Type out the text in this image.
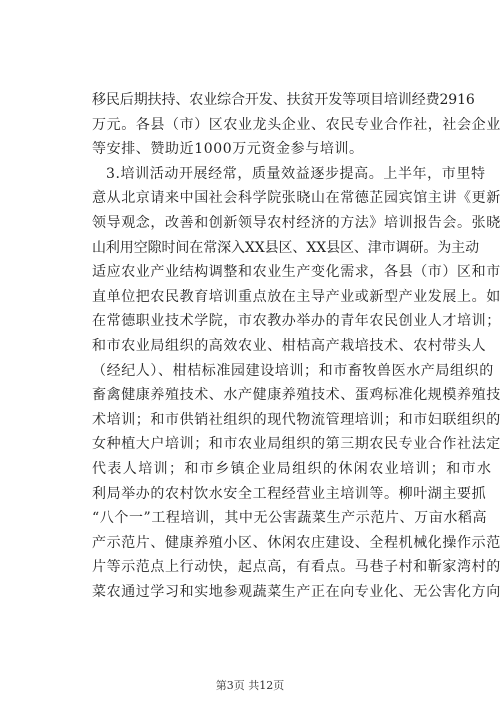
移民后期扶持、农业综合开发、扶贫开发等项目培训经费2916
万元。各县（市）区农业龙头企业、农民专业合作社，社会企业
等安排、赞助近1000万元资金参与培训。
3.培训活动开展经常，质量效益逐步提高。上半年，市里特
意从北京请来中国社会科学院张晓山在常德芷园宾馆主讲《更新
领导观念，改善和创新领导农村经济的方法》培训报告会。张晓
山利用空隙时间在常深入XX县区、XX县区、津市调研。为主动
适应农业产业结构调整和农业生产变化需求，各县（市）区和市
直单位把农民教育培训重点放在主导产业或新型产业发展上。如
在常德职业技术学院，市农教办举办的青年农民创业人才培训；
和市农业局组织的高效农业、柑桔高产栽培技术、农村带头人
（经纪人）、柑桔标准园建设培训；和市畜牧兽医水产局组织的
畜禽健康养殖技术、水产健康养殖技术、蛋鸡标准化规模养殖技
术培训；和市供销社组织的现代物流管理培训；和市妇联组织的
女种植大户培训；和市农业局组织的第三期农民专业合作社法定
代表人培训；和市乡镇企业局组织的休闲农业培训；和市水
利局举办的农村饮水安全工程经营业主培训等。柳叶湖主要抓
“八个一”工程培训，其中无公害蔬菜生产示范片、万亩水稻高
产示范片、健康养殖小区、休闲农庄建设、全程机械化操作示范
片等示范点上行动快，起点高，有看点。马巷子村和靳家湾村的
菜农通过学习和实地参观蔬菜生产正在向专业化、无公害化方向
第3页 共12页
